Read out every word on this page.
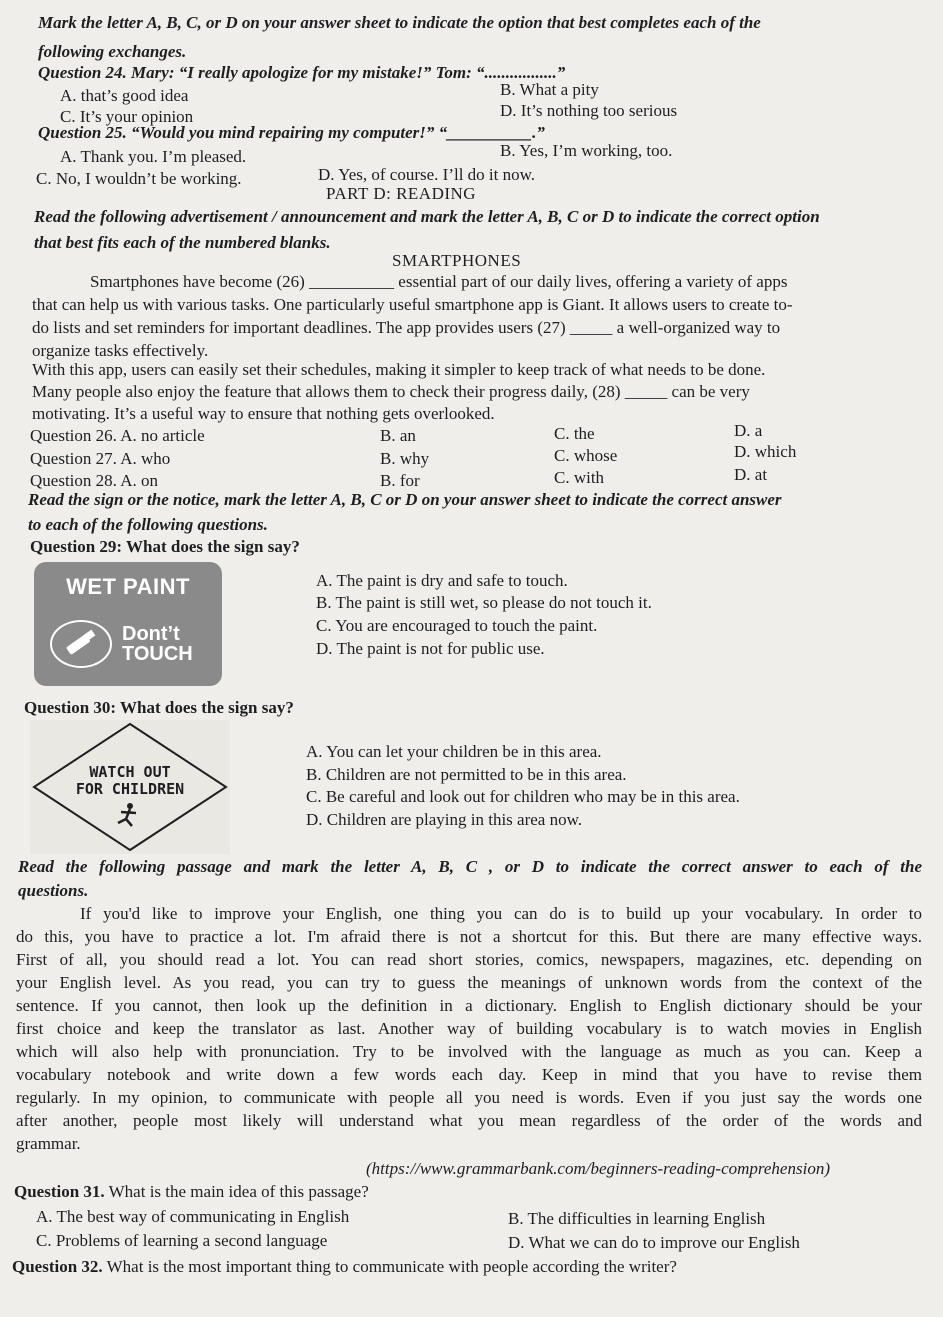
Mark the letter A, B, C, or D on your answer sheet to indicate the option that best completes each of the
following exchanges.
Question 24. Mary: “I really apologize for my mistake!” Tom: “.................”
A. that’s good idea	B. What a pity
C. It’s your opinion	D. It’s nothing too serious
Question 25. “Would you mind repairing my computer!” “__________.”
A. Thank you. I’m pleased.	B. Yes, I’m working, too.
C. No, I wouldn’t be working.	D. Yes, of course. I’ll do it now.
PART D: READING
Read the following advertisement / announcement and mark the letter A, B, C or D to indicate the correct option
that best fits each of the numbered blanks.
SMARTPHONES
Smartphones have become (26) __________ essential part of our daily lives, offering a variety of apps
that can help us with various tasks. One particularly useful smartphone app is Giant. It allows users to create to-
do lists and set reminders for important deadlines. The app provides users (27) _____ a well-organized way to
organize tasks effectively.
With this app, users can easily set their schedules, making it simpler to keep track of what needs to be done.
Many people also enjoy the feature that allows them to check their progress daily, (28) _____ can be very
motivating. It’s a useful way to ensure that nothing gets overlooked.
Question 26. A. no article	B. an	C. the	D. a
Question 27. A. who	B. why	C. whose	D. which
Question 28. A. on	B. for	C. with	D. at
Read the sign or the notice, mark the letter A, B, C or D on your answer sheet to indicate the correct answer
to each of the following questions.
Question 29: What does the sign say?
WET PAINT
Dont’t
TOUCH
A. The paint is dry and safe to touch.
B. The paint is still wet, so please do not touch it.
C. You are encouraged to touch the paint.
D. The paint is not for public use.
Question 30: What does the sign say?
WATCH OUT
FOR CHILDREN
A. You can let your children be in this area.
B. Children are not permitted to be in this area.
C. Be careful and look out for children who may be in this area.
D. Children are playing in this area now.
Read the following passage and mark the letter A, B, C , or D to indicate the correct answer to each of the
questions.
If you'd like to improve your English, one thing you can do is to build up your vocabulary. In order to
do this, you have to practice a lot. I'm afraid there is not a shortcut for this. But there are many effective ways.
First of all, you should read a lot. You can read short stories, comics, newspapers, magazines, etc. depending on
your English level. As you read, you can try to guess the meanings of unknown words from the context of the
sentence. If you cannot, then look up the definition in a dictionary. English to English dictionary should be your
first choice and keep the translator as last. Another way of building vocabulary is to watch movies in English
which will also help with pronunciation. Try to be involved with the language as much as you can. Keep a
vocabulary notebook and write down a few words each day. Keep in mind that you have to revise them
regularly. In my opinion, to communicate with people all you need is words. Even if you just say the words one
after another, people most likely will understand what you mean regardless of the order of the words and
grammar.
(https://www.grammarbank.com/beginners-reading-comprehension)
Question 31. What is the main idea of this passage?
A. The best way of communicating in English	B. The difficulties in learning English
C. Problems of learning a second language	D. What we can do to improve our English
Question 32. What is the most important thing to communicate with people according the writer?
